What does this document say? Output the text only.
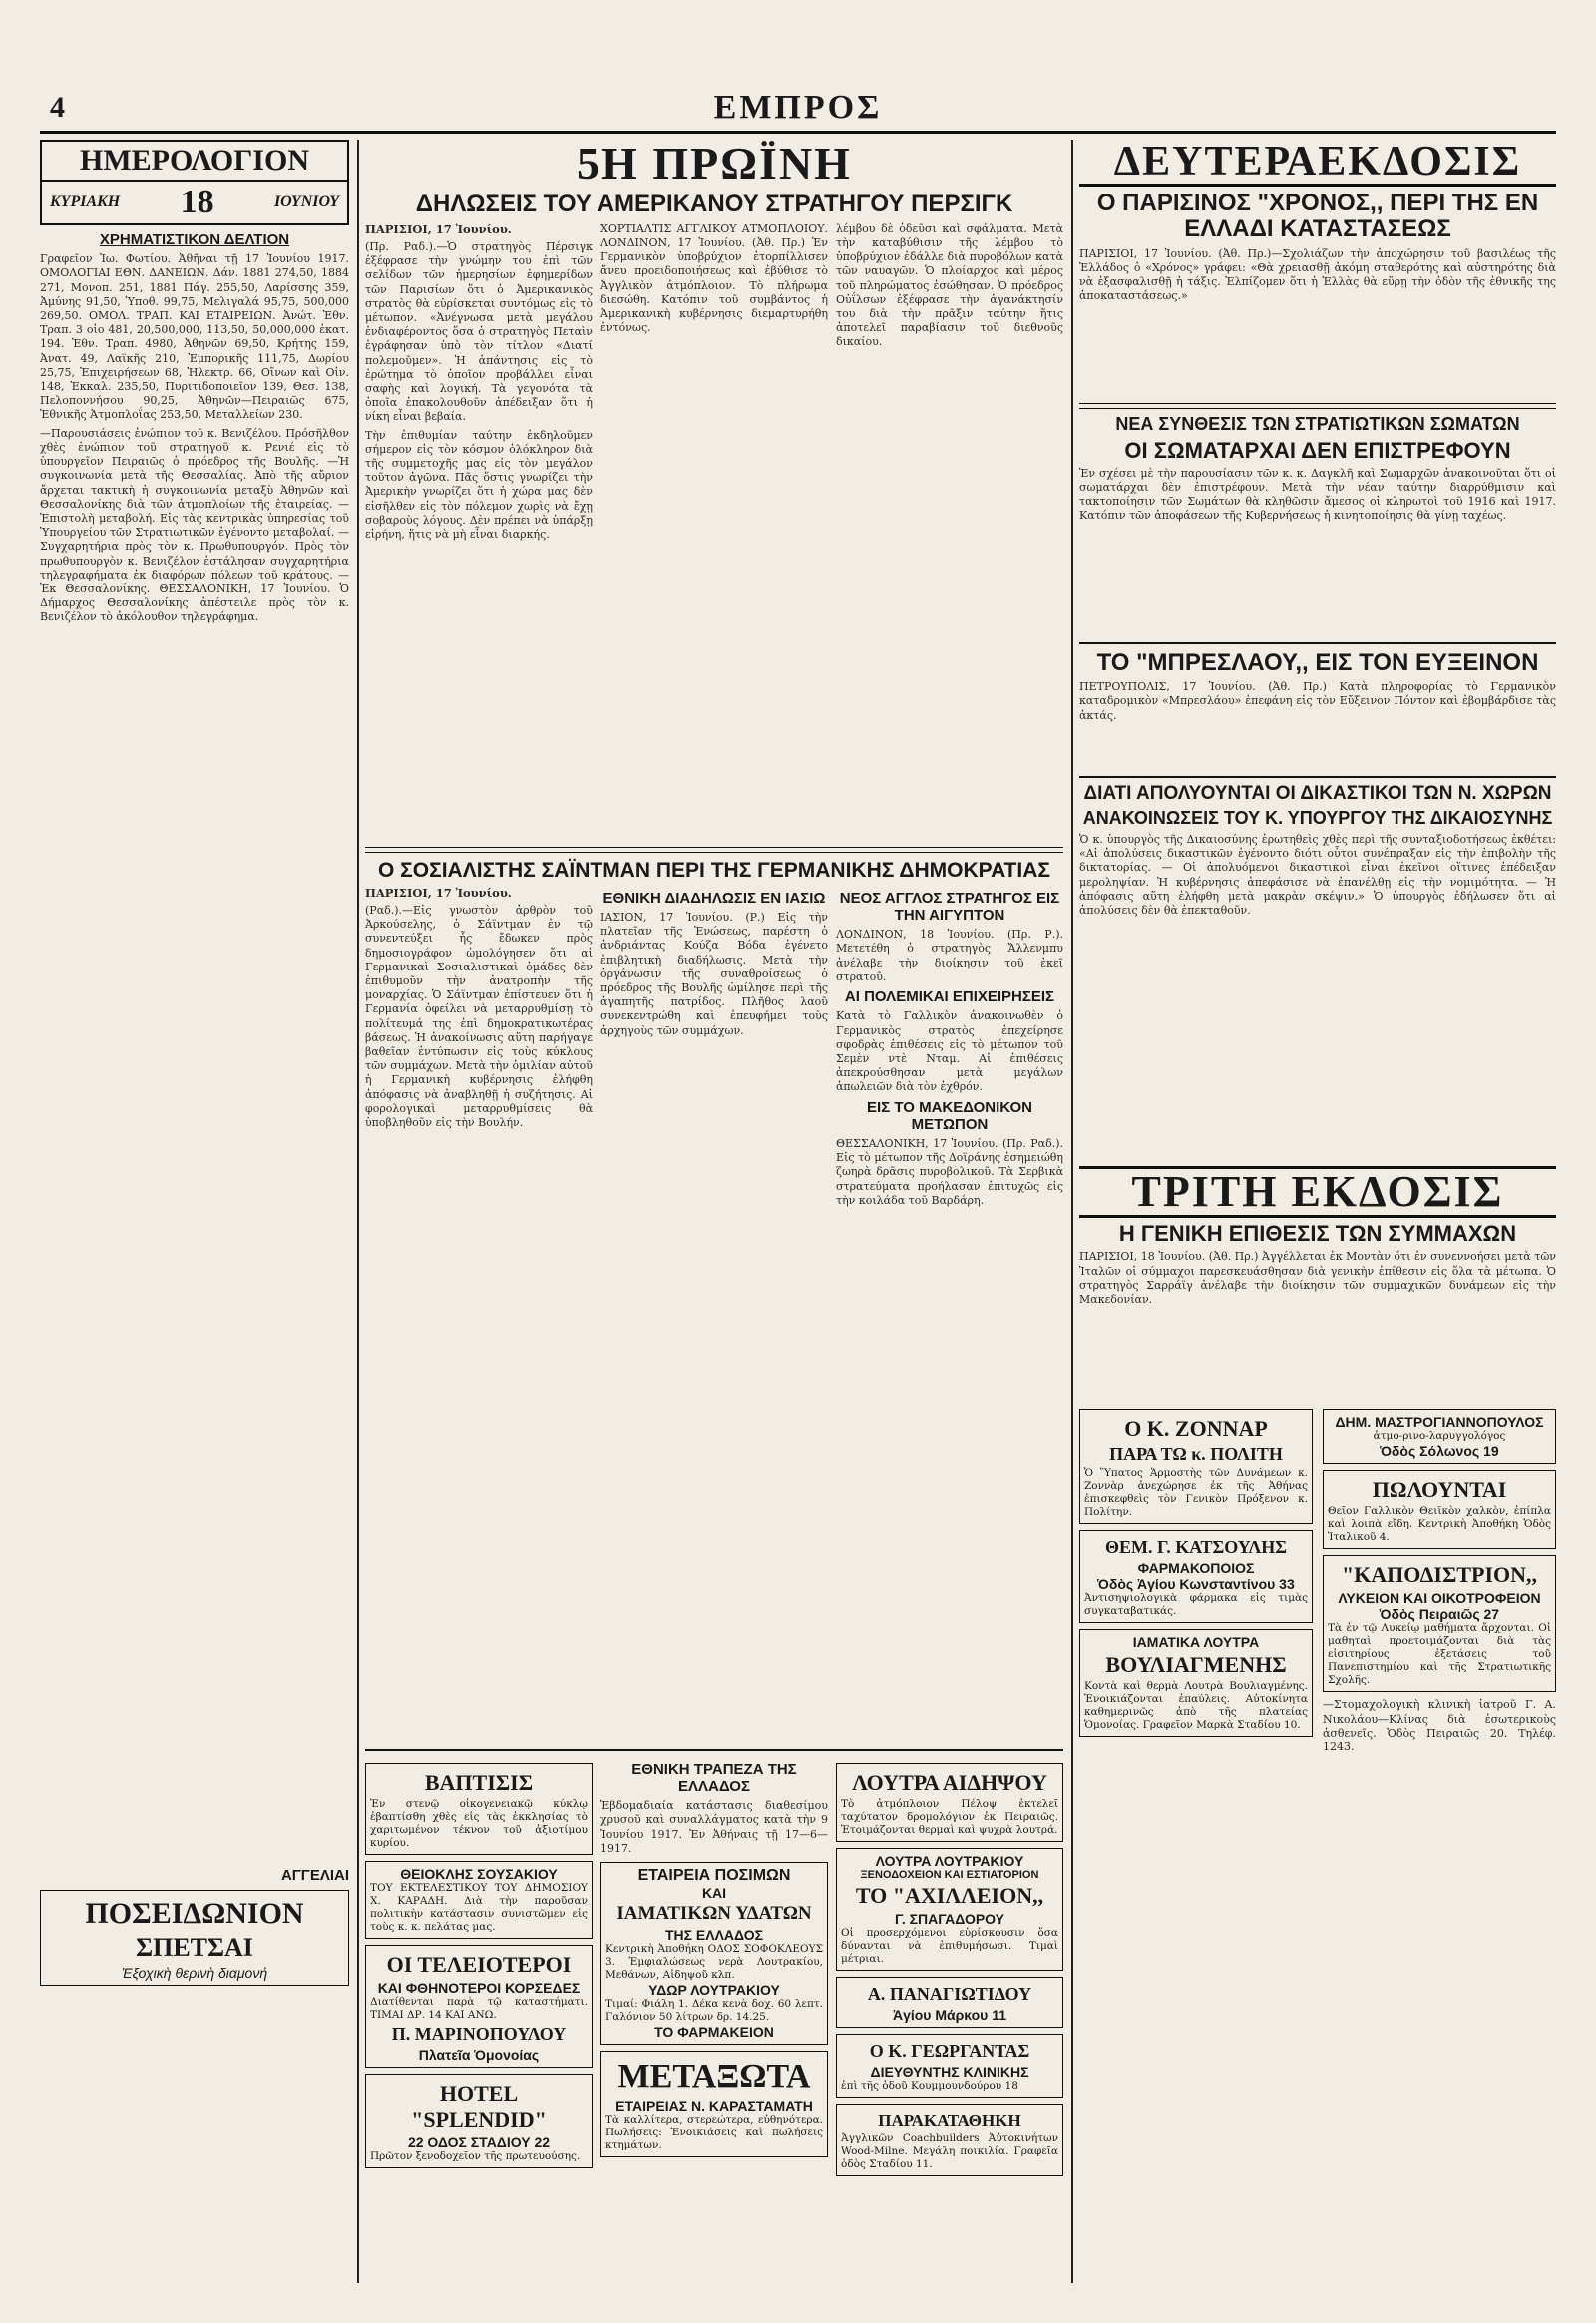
4	ΕΜΠΡΟΣ
ΗΜΕΡΟΛΟΓΙΟΝ
ΚΥΡΙΑΚΗ 18	ΙΟΥΝΙΟΥ
ΧΡΗΜΑΤΙΣΤΙΚΟΝ ΔΕΛΤΙΟΝ

Γραφεῖον Ἰω. Φωτίου. Ἀθῆναι τῇ 17 Ἰουνίου 1917. ΟΜΟΛΟΓΙΑΙ ΕΘΝ. ΔΑΝΕΙΩΝ. Δάν. 1881 274,50, 1884 271, Μονοπ. 251, 1881 Πάγ. 255,50, Λαρίσσης 359, Ἀμύνης 91,50, Ὑποθ. 99,75, Μελιγαλά 95,75, 500,000 269,50. ΟΜΟΛ. ΤΡΑΠ. ΚΑΙ ΕΤΑΙΡΕΙΩΝ. Ἀνώτ. Ἐθν. Τραπ. 3 οἰο 481, 20,500,000, 113,50, 50,000,000 ἐκατ. 194. Ἐθν. Τραπ. 4980, Ἀθηνῶν 69,50, Κρήτης 159, Ἀνατ. 49, Λαϊκῆς 210, Ἐμπορικῆς 111,75, Δωρίου 25,75, Ἐπιχειρήσεων 68, Ἠλεκτρ. 66, Οἴνων καὶ Οἰν. 148, Ἐκκαλ. 235,50, Πυριτιδοποιεῖον 139, Θεσ. 138, Πελοποννήσου 90,25, Ἀθηνῶν—Πειραιῶς 675, Ἐθνικῆς Ἀτμοπλοΐας 253,50, Μεταλλείων 230.

—Παρουσιάσεις ἐνώπιον τοῦ κ. Βενιζέλου. Πρόσῆλθον χθὲς ἐνώπιον τοῦ στρατηγοῦ κ. Ρενιέ εἰς τὸ ὑπουργεῖον Πειραιῶς ὁ πρόεδρος τῆς Βουλῆς. —Ἡ συγκοινωνία μετὰ τῆς Θεσσαλίας. Ἀπὸ τῆς αὔριον ἄρχεται τακτικὴ ἡ συγκοινωνία μεταξὺ Ἀθηνῶν καὶ Θεσσαλονίκης διὰ τῶν ἀτμοπλοίων τῆς ἑταιρείας. —Ἐπιστολὴ μεταβολή. Εἰς τὰς κεντρικὰς ὑπηρεσίας τοῦ Ὑπουργείου τῶν Στρατιωτικῶν ἐγένοντο μεταβολαί. —Συγχαρητήρια πρὸς τὸν κ. Πρωθυπουργόν. Πρὸς τὸν πρωθυπουργὸν κ. Βενιζέλον ἐστάλησαν συγχαρητήρια τηλεγραφήματα ἐκ διαφόρων πόλεων τοῦ κράτους. —Ἐκ Θεσσαλονίκης. ΘΕΣΣΑΛΟΝΙΚΗ, 17 Ἰουνίου. Ὁ Δήμαρχος Θεσσαλονίκης ἀπέστειλε πρὸς τὸν κ. Βενιζέλον τὸ ἀκόλουθον τηλεγράφημα.

ΑΓΓΕΛΙΑΙ
ΠΟΣΕΙΔΩΝΙΟΝ
ΣΠΕΤΣΑΙ
Ἐξοχικὴ θερινὴ διαμονή
5Η ΠΡΩΪΝΗ
ΔΗΛΩΣΕΙΣ ΤΟΥ ΑΜΕΡΙΚΑΝΟΥ ΣΤΡΑΤΗΓΟΥ ΠΕΡΣΙΓΚ

ΠΑΡΙΣΙΟΙ, 17 Ἰουνίου.

(Πρ. Ραδ.).—Ὁ στρατηγὸς Πέρσιγκ ἐξέφρασε τὴν γνώμην του ἐπὶ τῶν σελίδων τῶν ἡμερησίων ἐφημερίδων τῶν Παρισίων ὅτι ὁ Ἀμερικανικὸς στρατὸς θὰ εὑρίσκεται συντόμως εἰς τὸ μέτωπον. «Ἀνέγνωσα μετὰ μεγάλου ἐνδιαφέροντος ὅσα ὁ στρατηγὸς Πεταὶν ἐγράφησαν ὑπὸ τὸν τίτλον «Διατί πολεμοῦμεν». Ἡ ἀπάντησις εἰς τὸ ἐρώτημα τὸ ὁποῖον προβάλλει εἶναι σαφὴς καὶ λογική. Τὰ γεγονότα τὰ ὁποῖα ἐπακολουθοῦν ἀπέδειξαν ὅτι ἡ νίκη εἶναι βεβαία.

Τὴν ἐπιθυμίαν ταύτην ἐκδηλοῦμεν σήμερον εἰς τὸν κόσμον ὁλόκληρον διὰ τῆς συμμετοχῆς μας εἰς τὸν μεγάλον τοῦτον ἀγῶνα. Πᾶς ὅστις γνωρίζει τὴν Ἀμερικὴν γνωρίζει ὅτι ἡ χώρα μας δὲν εἰσῆλθεν εἰς τὸν πόλεμον χωρὶς νὰ ἔχῃ σοβαροὺς λόγους. Δὲν πρέπει νὰ ὑπάρξῃ εἰρήνη, ἥτις νὰ μὴ εἶναι διαρκής.

ΧΟΡΤΙΑΛΤΙΣ ΑΓΓΛΙΚΟΥ ΑΤΜΟΠΛΟΙΟΥ. ΛΟΝΔΙΝΟΝ, 17 Ἰουνίου. (Ἀθ. Πρ.) Ἐν Γερμανικὸν ὑποβρύχιον ἐτορπίλλισεν ἄνευ προειδοποιήσεως καὶ ἐβύθισε τὸ Ἀγγλικὸν ἀτμόπλοιον. Τὸ πλήρωμα διεσώθη. Κατόπιν τοῦ συμβάντος ἡ Ἀμερικανικὴ κυβέρνησις διεμαρτυρήθη ἐντόνως.

λέμβου δὲ ὀδεῦσι καὶ σφάλματα. Μετὰ τὴν καταβύθισιν τῆς λέμβου τὸ ὑποβρύχιον ἐδάλλε διὰ πυροβόλων κατὰ τῶν ναυαγῶν. Ὁ πλοίαρχος καὶ μέρος τοῦ πληρώματος ἐσώθησαν. Ὁ πρόεδρος Οὐΐλσων ἐξέφρασε τὴν ἀγανάκτησίν του διὰ τὴν πρᾶξιν ταύτην ἥτις ἀποτελεῖ παραβίασιν τοῦ διεθνοῦς δικαίου.

Ο ΣΟΣΙΑΛΙΣΤΗΣ ΣΑΪΝΤΜΑΝ ΠΕΡΙ ΤΗΣ ΓΕΡΜΑΝΙΚΗΣ ΔΗΜΟΚΡΑΤΙΑΣ

ΠΑΡΙΣΙΟΙ, 17 Ἰουνίου.

(Ραδ.).—Εἰς γνωστὸν ἀρθρὸν τοῦ Ἀρκούσελης, ὁ Σάϊντμαν ἐν τῷ συνεντεύξει ἧς ἔδωκεν πρὸς δημοσιογράφον ὡμολόγησεν ὅτι αἱ Γερμανικαὶ Σοσιαλιστικαὶ ὁμάδες δὲν ἐπιθυμοῦν τὴν ἀνατροπὴν τῆς μοναρχίας. Ὁ Σάϊντμαν ἐπίστευεν ὅτι ἡ Γερμανία ὀφείλει νὰ μεταρρυθμίσῃ τὸ πολίτευμά της ἐπὶ δημοκρατικωτέρας βάσεως. Ἡ ἀνακοίνωσις αὕτη παρήγαγε βαθεῖαν ἐντύπωσιν εἰς τοὺς κύκλους τῶν συμμάχων. Μετὰ τὴν ὁμιλίαν αὐτοῦ ἡ Γερμανικὴ κυβέρνησις ἐλήφθη ἀπόφασις νὰ ἀναβληθῇ ἡ συζήτησις. Αἱ φορολογικαὶ μεταρρυθμίσεις θὰ ὑποβληθοῦν εἰς τὴν Βουλήν.

ΕΘΝΙΚΗ ΔΙΑΔΗΛΩΣΙΣ ΕΝ ΙΑΣΙΩ

ΙΑΣΙΟΝ, 17 Ἰουνίου. (Ρ.) Εἰς τὴν πλατεῖαν τῆς Ἑνώσεως, παρέστη ὁ ἀνδριάντας Κούζα Βόδα ἐγένετο ἐπιβλητικὴ διαδήλωσις. Μετὰ τὴν ὀργάνωσιν τῆς συναθροίσεως ὁ πρόεδρος τῆς Βουλῆς ὡμίλησε περὶ τῆς ἀγαπητῆς πατρίδος. Πλῆθος λαοῦ συνεκεντρώθη καὶ ἐπευφήμει τοὺς ἀρχηγοὺς τῶν συμμάχων.

ΝΕΟΣ ΑΓΓΛΟΣ ΣΤΡΑΤΗΓΟΣ ΕΙΣ ΤΗΝ ΑΙΓΥΠΤΟΝ

ΛΟΝΔΙΝΟΝ, 18 Ἰουνίου. (Πρ. Ρ.). Μετετέθη ὁ στρατηγὸς Ἄλλενμπυ ἀνέλαβε τὴν διοίκησιν τοῦ ἐκεῖ στρατοῦ.

ΑΙ ΠΟΛΕΜΙΚΑΙ ΕΠΙΧΕΙΡΗΣΕΙΣ

Κατὰ τὸ Γαλλικὸν ἀνακοινωθὲν ὁ Γερμανικὸς στρατὸς ἐπεχείρησε σφοδρὰς ἐπιθέσεις εἰς τὸ μέτωπον τοῦ Σεμὲν ντὲ Νταμ. Αἱ ἐπιθέσεις ἀπεκρούσθησαν μετὰ μεγάλων ἀπωλειῶν διὰ τὸν ἐχθρόν.

ΕΙΣ ΤΟ ΜΑΚΕΔΟΝΙΚΟΝ ΜΕΤΩΠΟΝ

ΘΕΣΣΑΛΟΝΙΚΗ, 17 Ἰουνίου. (Πρ. Ραδ.). Εἰς τὸ μέτωπον τῆς Δοϊράνης ἐσημειώθη ζωηρὰ δρᾶσις πυροβολικοῦ. Τὰ Σερβικὰ στρατεύματα προήλασαν ἐπιτυχῶς εἰς τὴν κοιλάδα τοῦ Βαρδάρη.

ΒΑΠΤΙΣΙΣ
Ἐν στενῷ οἰκογενειακῷ κύκλῳ ἐβαπτίσθη χθὲς εἰς τὰς ἐκκλησίας τὸ χαριτωμένον τέκνον τοῦ ἀξιοτίμου κυρίου.
ΘΕΙΟΚΛΗΣ ΣΟΥΣΑΚΙΟΥ
ΤΟΥ ΕΚΤΕΛΕΣΤΙΚΟΥ ΤΟΥ ΔΗΜΟΣΙΟΥ Χ. ΚΑΡΑΔΗ. Διὰ τὴν παροῦσαν πολιτικὴν κατάστασιν συνιστῶμεν εἰς τοὺς κ. κ. πελάτας μας.
ΟΙ ΤΕΛΕΙΟΤΕΡΟΙ
ΚΑΙ ΦΘΗΝΟΤΕΡΟΙ ΚΟΡΣΕΔΕΣ
Διατίθενται παρὰ τῷ καταστήματι. ΤΙΜΑΙ ΔΡ. 14 ΚΑΙ ΑΝΩ.
Π. ΜΑΡΙΝΟΠΟΥΛΟΥ
Πλατεῖα Ὁμονοίας
HOTEL "SPLENDID"
22 ΟΔΟΣ ΣΤΑΔΙΟΥ 22
Πρῶτον ξενοδοχεῖον τῆς πρωτευούσης.
ΕΘΝΙΚΗ ΤΡΑΠΕΖΑ ΤΗΣ ΕΛΛΑΔΟΣ

Ἑβδομαδιαία κατάστασις διαθεσίμου χρυσοῦ καὶ συναλλάγματος κατὰ τὴν 9 Ἰουνίου 1917. Ἐν Ἀθήναις τῇ 17—6—1917.

ΕΤΑΙΡΕΙΑ ΠΟΣΙΜΩΝ
ΚΑΙ
ΙΑΜΑΤΙΚΩΝ ΥΔΑΤΩΝ
ΤΗΣ ΕΛΛΑΔΟΣ
Κεντρικὴ Ἀποθήκη ΟΔΟΣ ΣΟΦΟΚΛΕΟΥΣ 3. Ἐμφιαλώσεως νερὰ Λουτρακίου, Μεθάνων, Αἰδηψοῦ κλπ.
ΥΔΩΡ ΛΟΥΤΡΑΚΙΟΥ
Τιμαί: Φιάλη 1. Δέκα κενὰ δοχ. 60 λεπτ. Γαλόνιον 50 λίτρων δρ. 14.25.
ΤΟ ΦΑΡΜΑΚΕΙΟΝ
ΜΕΤΑΞΩΤΑ
ΕΤΑΙΡΕΙΑΣ Ν. ΚΑΡΑΣΤΑΜΑΤΗ
Τὰ καλλίτερα, στερεώτερα, εὐθηνότερα. Πωλήσεις: Ἐνοικιάσεις καὶ πωλήσεις κτημάτων.
ΛΟΥΤΡΑ ΑΙΔΗΨΟΥ
Τὸ ἀτμόπλοιον Πέλοψ ἐκτελεῖ ταχύτατον δρομολόγιον ἐκ Πειραιῶς. Ἑτοιμάζονται θερμαὶ καὶ ψυχρὰ λουτρά.
ΛΟΥΤΡΑ ΛΟΥΤΡΑΚΙΟΥ
ΞΕΝΟΔΟΧΕΙΟΝ ΚΑΙ ΕΣΤΙΑΤΟΡΙΟΝ
ΤΟ "ΑΧΙΛΛΕΙΟΝ,,
Γ. ΣΠΑΓΑΔΟΡΟΥ
Οἱ προσερχόμενοι εὑρίσκουσιν ὅσα δύνανται νὰ ἐπιθυμήσωσι. Τιμαὶ μέτριαι.
Α. ΠΑΝΑΓΙΩΤΙΔΟΥ
Ἁγίου Μάρκου 11
Ο Κ. ΓΕΩΡΓΑΝΤΑΣ
ΔΙΕΥΘΥΝΤΗΣ ΚΛΙΝΙΚΗΣ
ἐπὶ τῆς ὁδοῦ Κουμμουνδούρου 18
ΠΑΡΑΚΑΤΑΘΗΚΗ
Ἀγγλικῶν Coachbuilders Ἀὐτοκινήτων Wood-Milne. Μεγάλη ποικιλία. Γραφεῖα ὁδὸς Σταδίου 11.
ΔΕΥΤΕΡΑΕΚΔΟΣΙΣ
Ο ΠΑΡΙΣΙΝΟΣ "ΧΡΟΝΟΣ,, ΠΕΡΙ ΤΗΣ ΕΝ ΕΛΛΑΔΙ ΚΑΤΑΣΤΑΣΕΩΣ

ΠΑΡΙΣΙΟΙ, 17 Ἰουνίου. (Ἀθ. Πρ.)—Σχολιάζων τὴν ἀποχώρησιν τοῦ βασιλέως τῆς Ἑλλάδος ὁ «Χρόνος» γράφει: «Θὰ χρειασθῇ ἀκόμη σταθερότης καὶ αὐστηρότης διὰ νὰ ἐξασφαλισθῇ ἡ τάξις. Ἐλπίζομεν ὅτι ἡ Ἑλλὰς θὰ εὕρῃ τὴν ὁδὸν τῆς ἐθνικῆς της ἀποκαταστάσεως.»

ΝΕΑ ΣΥΝΘΕΣΙΣ ΤΩΝ ΣΤΡΑΤΙΩΤΙΚΩΝ ΣΩΜΑΤΩΝ
ΟΙ ΣΩΜΑΤΑΡΧΑΙ ΔΕΝ ΕΠΙΣΤΡΕΦΟΥΝ

Ἐν σχέσει μὲ τὴν παρουσίασιν τῶν κ. κ. Δαγκλῆ καὶ Σωμαρχῶν ἀνακοινοῦται ὅτι οἱ σωματάρχαι δὲν ἐπιστρέφουν. Μετὰ τὴν νέαν ταύτην διαρρύθμισιν καὶ τακτοποίησιν τῶν Σωμάτων θὰ κληθῶσιν ἄμεσος οἱ κληρωτοὶ τοῦ 1916 καὶ 1917. Κατόπιν τῶν ἀποφάσεων τῆς Κυβερνήσεως ἡ κινητοποίησις θὰ γίνῃ ταχέως.

ΤΟ "ΜΠΡΕΣΛΑΟΥ,, ΕΙΣ ΤΟΝ ΕΥΞΕΙΝΟΝ

ΠΕΤΡΟΥΠΟΛΙΣ, 17 Ἰουνίου. (Ἀθ. Πρ.) Κατὰ πληροφορίας τὸ Γερμανικὸν καταδρομικὸν «Μπρεσλάου» ἐπεφάνη εἰς τὸν Εὔξεινον Πόντον καὶ ἐβομβάρδισε τὰς ἀκτάς.

ΔΙΑΤΙ ΑΠΟΛΥΟΥΝΤΑΙ ΟΙ ΔΙΚΑΣΤΙΚΟΙ ΤΩΝ Ν. ΧΩΡΩΝ
ΑΝΑΚΟΙΝΩΣΕΙΣ ΤΟΥ Κ. ΥΠΟΥΡΓΟΥ ΤΗΣ ΔΙΚΑΙΟΣΥΝΗΣ

Ὁ κ. ὑπουργὸς τῆς Δικαιοσύνης ἐρωτηθεὶς χθὲς περὶ τῆς συνταξιοδοτήσεως ἐκθέτει: «Αἱ ἀπολύσεις δικαστικῶν ἐγένοντο διότι οὗτοι συνέπραξαν εἰς τὴν ἐπιβολὴν τῆς δικτατορίας. — Οἱ ἀπολυόμενοι δικαστικοὶ εἶναι ἐκεῖνοι οἵτινες ἐπέδειξαν μεροληψίαν. Ἡ κυβέρνησις ἀπεφάσισε νὰ ἐπανέλθῃ εἰς τὴν νομιμότητα. — Ἡ ἀπόφασις αὕτη ἐλήφθη μετὰ μακρὰν σκέψιν.» Ὁ ὑπουργὸς ἐδήλωσεν ὅτι αἱ ἀπολύσεις δὲν θὰ ἐπεκταθοῦν.

ΤΡΙΤΗ ΕΚΔΟΣΙΣ
Η ΓΕΝΙΚΗ ΕΠΙΘΕΣΙΣ ΤΩΝ ΣΥΜΜΑΧΩΝ

ΠΑΡΙΣΙΟΙ, 18 Ἰουνίου. (Ἀθ. Πρ.) Ἀγγέλλεται ἐκ Μοντὰν ὅτι ἐν συνεννοήσει μετὰ τῶν Ἰταλῶν οἱ σύμμαχοι παρεσκευάσθησαν διὰ γενικὴν ἐπίθεσιν εἰς ὅλα τὰ μέτωπα. Ὁ στρατηγὸς Σαρράϊγ ἀνέλαβε τὴν διοίκησιν τῶν συμμαχικῶν δυνάμεων εἰς τὴν Μακεδονίαν.

Ο Κ. ΖΟΝΝΑΡ
ΠΑΡΑ ΤΩ κ. ΠΟΛΙΤΗ
Ὁ Ὕπατος Ἁρμοστὴς τῶν Δυνάμεων κ. Ζοννὰρ ἀνεχώρησε ἐκ τῆς Ἀθήνας ἐπισκεφθεὶς τὸν Γενικὸν Πρόξενον κ. Πολίτην.
ΘΕΜ. Γ. ΚΑΤΣΟΥΛΗΣ
ΦΑΡΜΑΚΟΠΟΙΟΣ
Ὁδὸς Ἁγίου Κωνσταντίνου 33
Ἀντισηψιολογικὰ φάρμακα εἰς τιμὰς συγκαταβατικάς.
ΙΑΜΑΤΙΚΑ ΛΟΥΤΡΑ
ΒΟΥΛΙΑΓΜΕΝΗΣ
Κοντὰ καὶ θερμὰ Λουτρὰ Βουλιαγμένης. Ἐνοικιάζονται ἐπαύλεις. Αὐτοκίνητα καθημερινῶς ἀπὸ τῆς πλατείας Ὁμονοίας. Γραφεῖον Μαρκὰ Σταδίου 10.
ΔΗΜ. ΜΑΣΤΡΟΓΙΑΝΝΟΠΟΥΛΟΣ
ἀτμο-ρινο-λαρυγγολόγος
Ὁδὸς Σόλωνος 19
ΠΩΛΟΥΝΤΑΙ
Θεῖον Γαλλικὸν Θειϊκὸν χαλκὸν, ἐπίπλα καὶ λοιπὰ εἴδη. Κεντρικὴ Ἀποθήκη Ὁδὸς Ἰταλικοῦ 4.
"ΚΑΠΟΔΙΣΤΡΙΟΝ,,
ΛΥΚΕΙΟΝ ΚΑΙ ΟΙΚΟΤΡΟΦΕΙΟΝ
Ὁδὸς Πειραιῶς 27
Τὰ ἐν τῷ Λυκείῳ μαθήματα ἄρχονται. Οἱ μαθηταὶ προετοιμάζονται διὰ τὰς εἰσιτηρίους ἐξετάσεις τοῦ Πανεπιστημίου καὶ τῆς Στρατιωτικῆς Σχολῆς.

—Στομαχολογικὴ κλινικὴ ἰατροῦ Γ. Α. Νικολάου—Κλίνας διὰ ἐσωτερικοὺς ἀσθενεῖς. Ὁδὸς Πειραιῶς 20. Τηλέφ. 1243.
